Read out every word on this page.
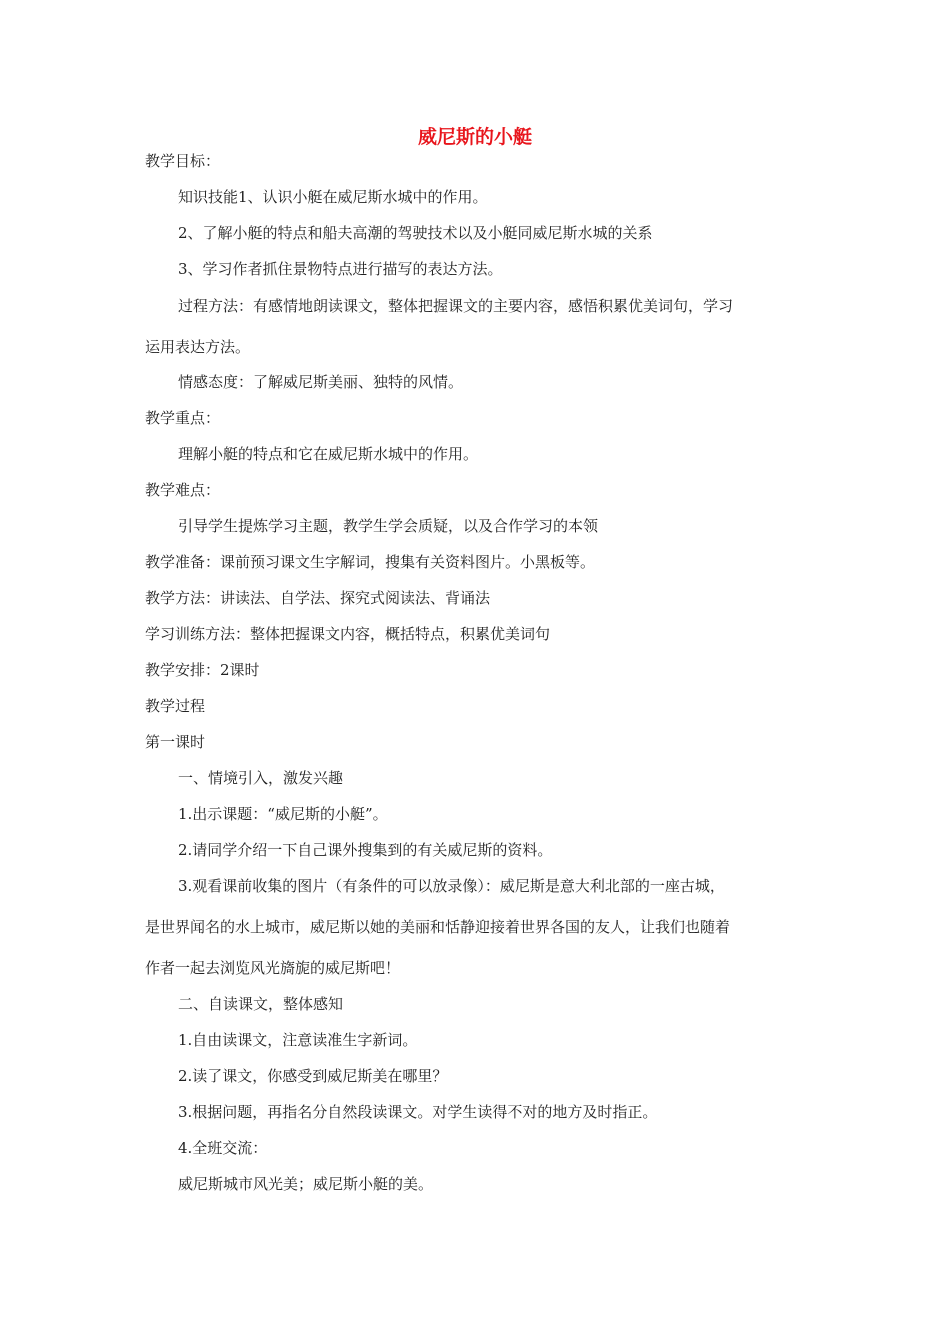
威尼斯的小艇
教学目标：
知识技能1、认识小艇在威尼斯水城中的作用。
2、了解小艇的特点和船夫高潮的驾驶技术以及小艇同威尼斯水城的关系
3、学习作者抓住景物特点进行描写的表达方法。
过程方法：有感情地朗读课文，整体把握课文的主要内容，感悟积累优美词句，学习
运用表达方法。
情感态度：了解威尼斯美丽、独特的风情。
教学重点：
理解小艇的特点和它在威尼斯水城中的作用。
教学难点：
引导学生提炼学习主题，教学生学会质疑，以及合作学习的本领
教学准备：课前预习课文生字解词，搜集有关资料图片。小黑板等。
教学方法：讲读法、自学法、探究式阅读法、背诵法
学习训练方法：整体把握课文内容，概括特点，积累优美词句
教学安排：2课时
教学过程
第一课时
一、情境引入，激发兴趣
1.出示课题：“威尼斯的小艇”。
2.请同学介绍一下自己课外搜集到的有关威尼斯的资料。
3.观看课前收集的图片（有条件的可以放录像）：威尼斯是意大利北部的一座古城，
是世界闻名的水上城市，威尼斯以她的美丽和恬静迎接着世界各国的友人，让我们也随着
作者一起去浏览风光旖旎的威尼斯吧！
二、自读课文，整体感知
1.自由读课文，注意读准生字新词。
2.读了课文，你感受到威尼斯美在哪里？
3.根据问题，再指名分自然段读课文。对学生读得不对的地方及时指正。
4.全班交流：
威尼斯城市风光美；威尼斯小艇的美。
